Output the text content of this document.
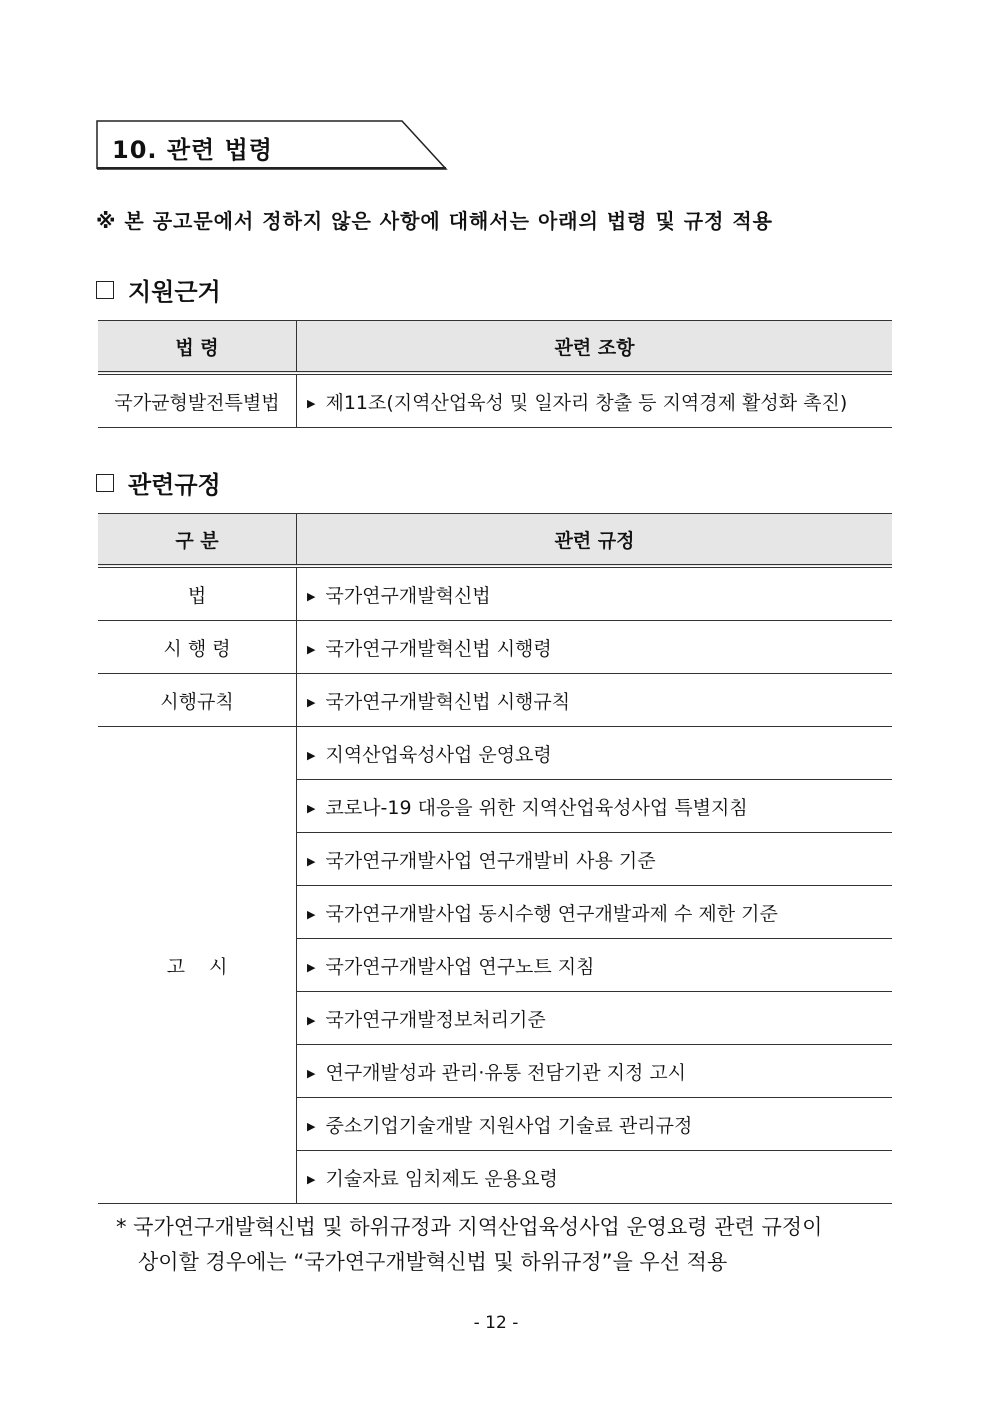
10. 관련 법령
※ 본 공고문에서 정하지 않은 사항에 대해서는 아래의 법령 및 규정 적용
지원근거
법 령	관련 조항
국가균형발전특별법	▶ 제11조(지역산업육성 및 일자리 창출 등 지역경제 활성화 촉진)
관련규정
구 분	관련 규정
법	▶ 국가연구개발혁신법
시 행 령	▶ 국가연구개발혁신법 시행령
시행규칙	▶ 국가연구개발혁신법 시행규칙
고    시	▶ 지역산업육성사업 운영요령
	▶ 코로나-19 대응을 위한 지역산업육성사업 특별지침
	▶ 국가연구개발사업 연구개발비 사용 기준
	▶ 국가연구개발사업 동시수행 연구개발과제 수 제한 기준
	▶ 국가연구개발사업 연구노트 지침
	▶ 국가연구개발정보처리기준
	▶ 연구개발성과 관리·유통 전담기관 지정 고시
	▶ 중소기업기술개발 지원사업 기술료 관리규정
	▶ 기술자료 임치제도 운용요령
* 국가연구개발혁신법 및 하위규정과 지역산업육성사업 운영요령 관련 규정이
상이할 경우에는 “국가연구개발혁신법 및 하위규정”을 우선 적용
- 12 -
